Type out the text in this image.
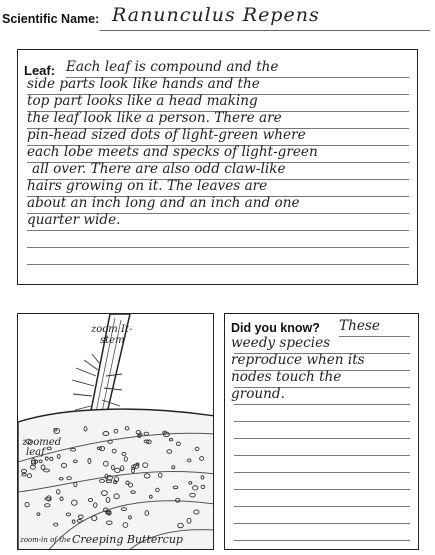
Scientific Name: Ranunculus Repens
Leaf: Each leaf is compound and the
side parts look like hands and the
top part looks like a head making
the leaf look like a person. There are
pin-head sized dots of light-green where
each lobe meets and specks of light-green
all over. There are also odd claw-like
hairs growing on it. The leaves are
about an inch long and an inch and one
quarter wide.
zoom It-
stem
zoomed
leaf
zoom-in of the Creeping Buttercup
Did you know? These
weedy species
reproduce when its
nodes touch the
ground.
